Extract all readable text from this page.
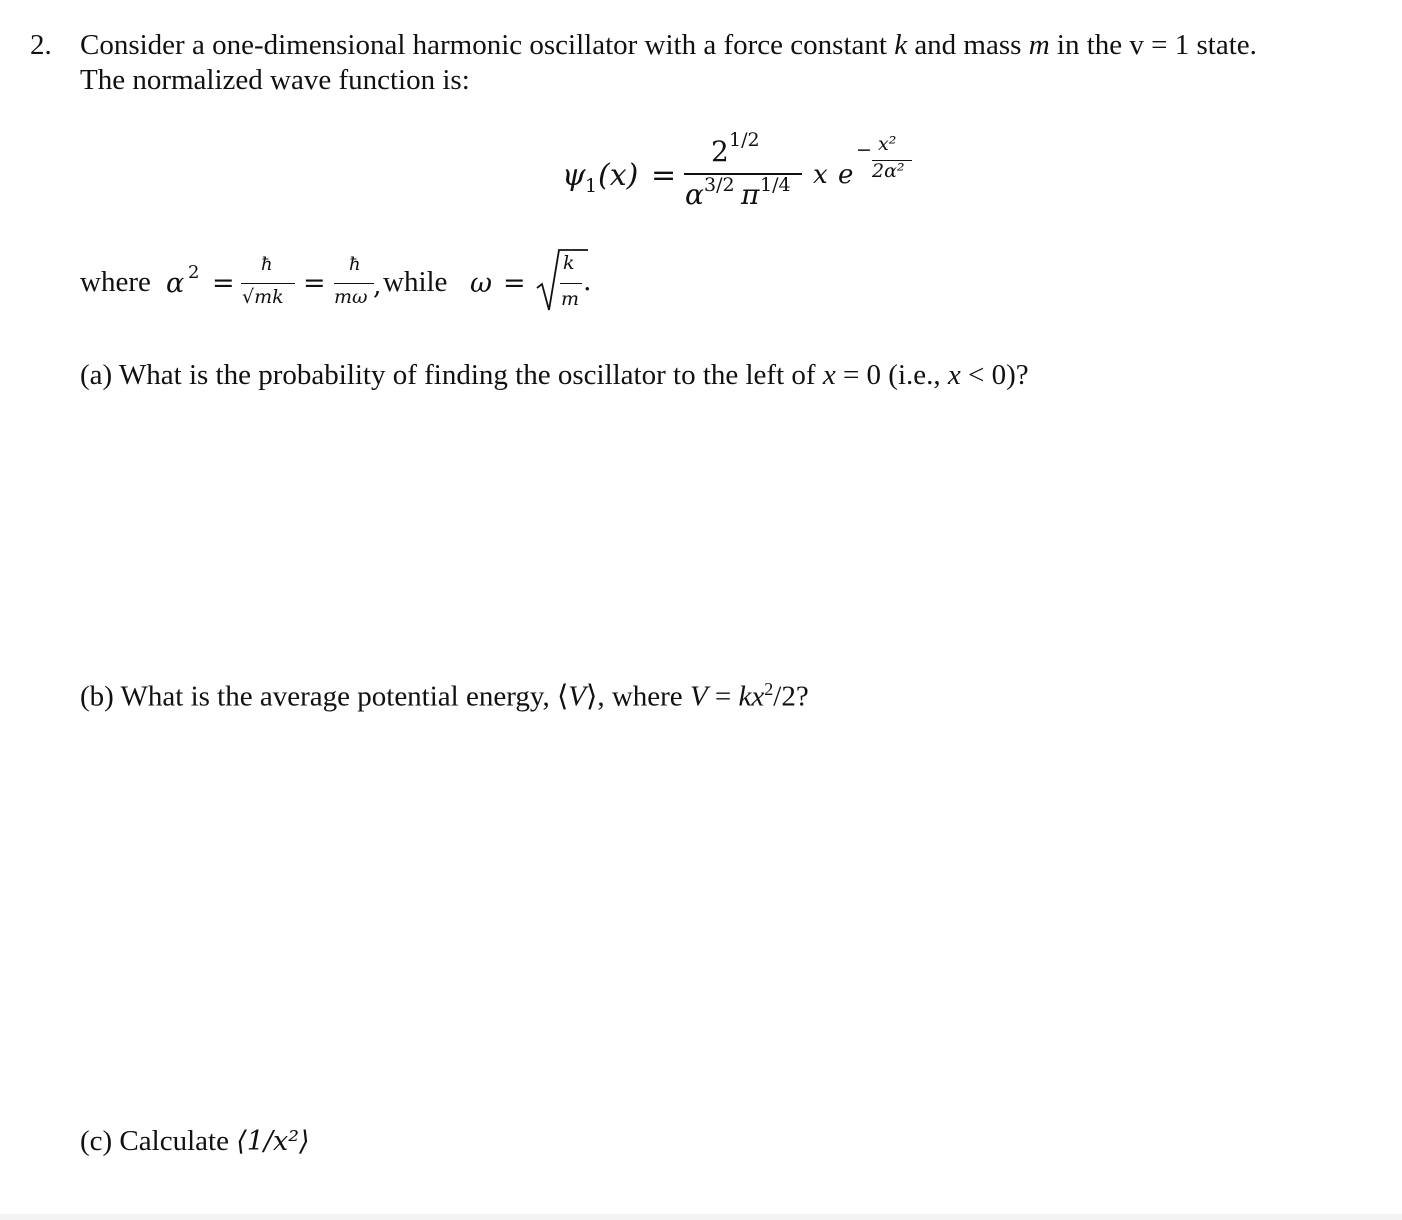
2. Consider a one-dimensional harmonic oscillator with a force constant k and mass m in the v = 1 state.
The normalized wave function is:
ψ 1 (x) =
2 1/2
α 3/2 π 1/4 x e
− x²
2α²
where α 2 =
ħ
√mk =
ħ
mω , while ω =
k
m
.
(a) What is the probability of finding the oscillator to the left of x = 0 (i.e., x < 0)?
(b) What is the average potential energy, ⟨V⟩, where $V = kx^2/2$?
(c) Calculate ⟨1/x²⟩
